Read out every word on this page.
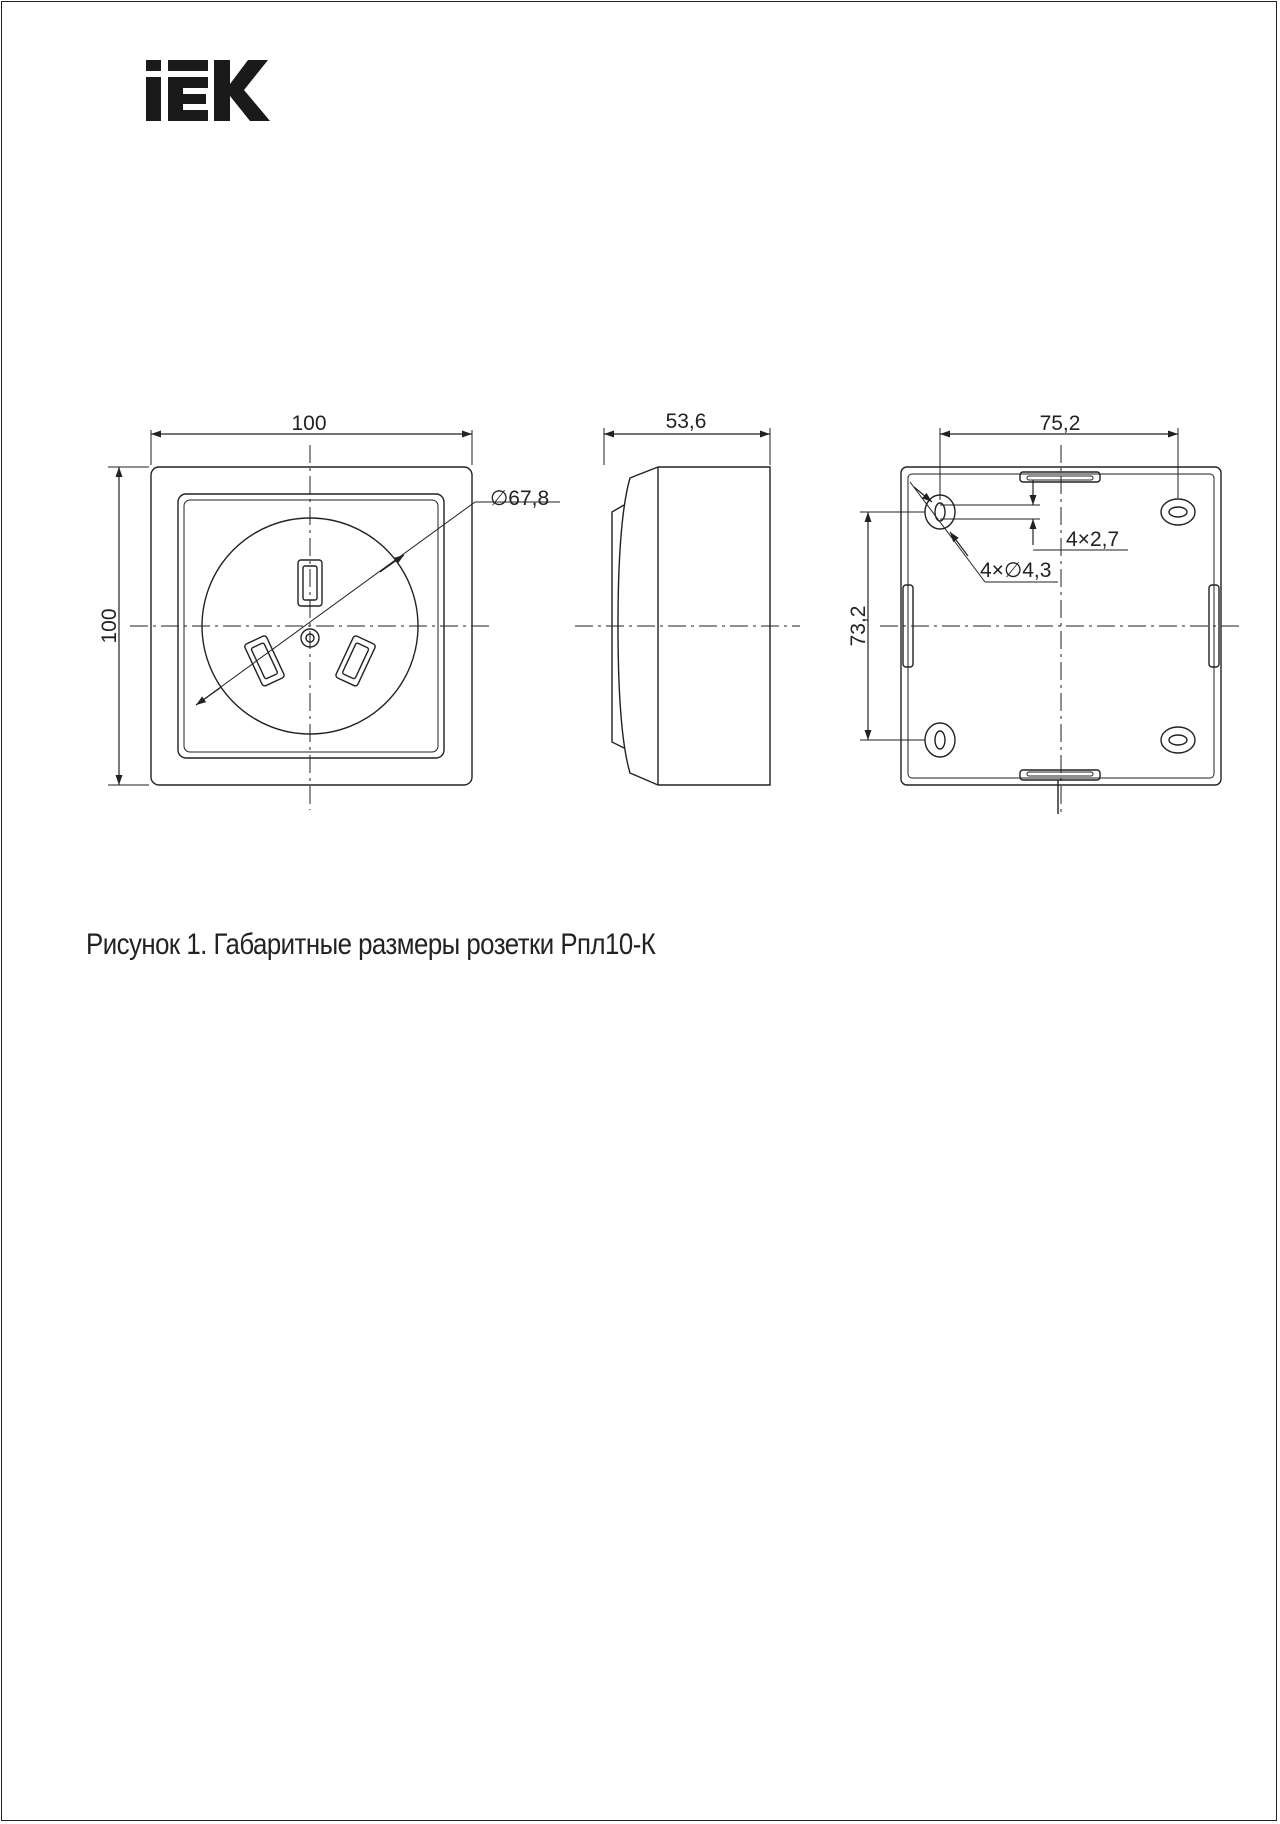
100
100
∅67,8
53,6	75,2
73,2
4×2,7
4×∅4,3
Рисунок 1. Габаритные размеры розетки Рпл10-К
